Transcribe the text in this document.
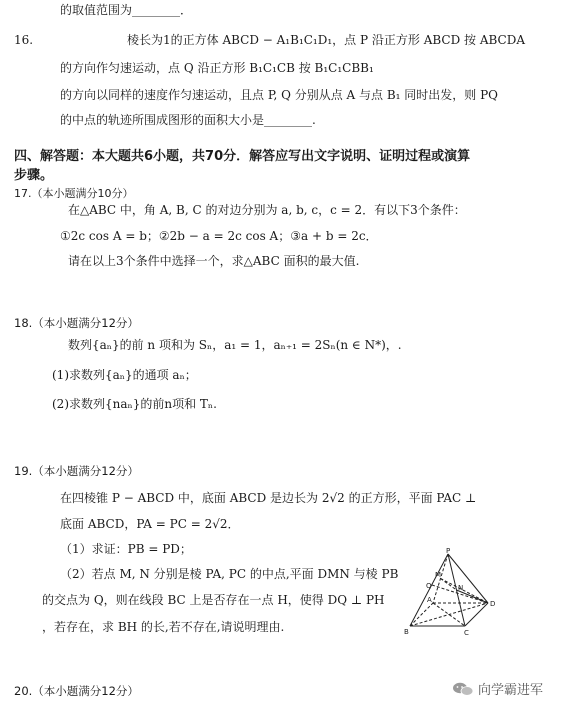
的取值范围为________．
16.	棱长为1的正方体 ABCD − A₁B₁C₁D₁，点 P 沿正方形 ABCD 按 ABCDA
的方向作匀速运动，点 Q 沿正方形 B₁C₁CB 按 B₁C₁CBB₁
的方向以同样的速度作匀速运动，且点 P, Q 分别从点 A 与点 B₁ 同时出发，则 PQ
的中点的轨迹所围成图形的面积大小是________.
四、解答题：本大题共6小题，共70分．解答应写出文字说明、证明过程或演算
步骤。
17.（本小题满分10分）
在△ABC 中，角 A, B, C 的对边分别为 a, b, c，c = 2．有以下3个条件：
①2c cos A = b；②2b − a = 2c cos A；③a + b = 2c．
请在以上3个条件中选择一个，求△ABC 面积的最大值.
18.（本小题满分12分）
数列{aₙ}的前 n 项和为 Sₙ，a₁ = 1，aₙ₊₁ = 2Sₙ(n ∈ N*)，.
(1)求数列{aₙ}的通项 aₙ；
(2)求数列{naₙ}的前n项和 Tₙ.
19.（本小题满分12分）
在四棱锥 P − ABCD 中，底面 ABCD 是边长为 2√2 的正方形，平面 PAC ⊥
底面 ABCD，PA = PC = 2√2．
（1）求证：PB = PD；
（2）若点 M, N 分别是棱 PA, PC 的中点,平面 DMN 与棱 PB
的交点为 Q，则在线段 BC 上是否存在一点 H，使得 DQ ⊥ PH
，若存在，求 BH 的长,若不存在,请说明理由.
P
A
B	C
D
M
N
Q
20.（本小题满分12分）	向学霸进军
